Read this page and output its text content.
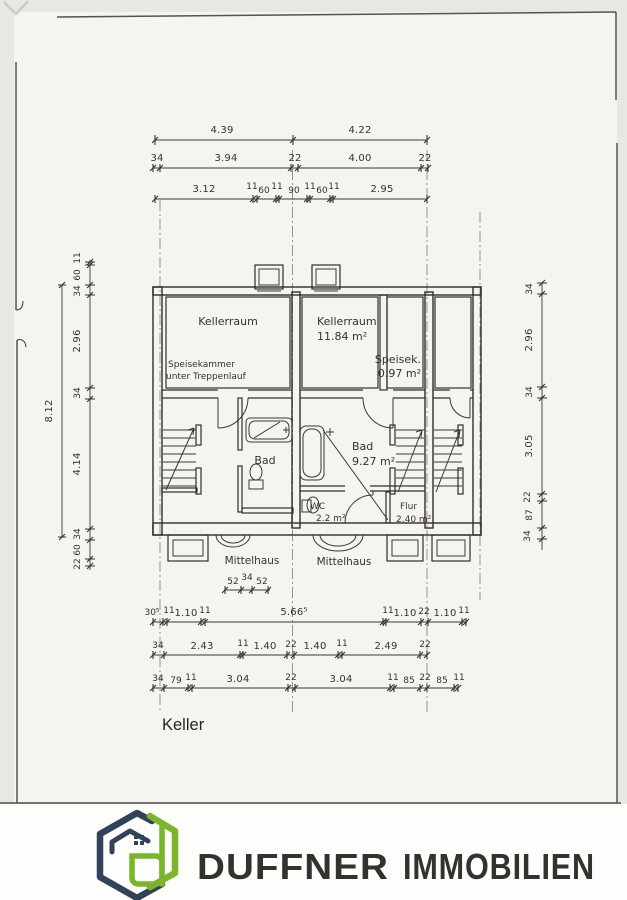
Kellerraum
Speisekammer
unter Treppenlauf
Kellerraum
11.84 m²
Speisek.
0.97 m²
Bad
Bad
9.27 m²
WC
2.2 m²
Flur
2.40 m²
Mittelhaus	Mittelhaus
4.39	4.22
34	3.94	22	4.00	22
3.12	11 60 11 90 11 60 11	2.95
8.12
11
60
34
2.96
34
4.14
34
60
22
34
2.96
34
3.05
22
87
34
52 34 52
30⁵ 11 1.10 11	5.66⁵	11 1.10 22 1.10 11
34	2.43	11 1.40 22 1.40 11	2.49 22
34 79 11	3.04	22	3.04	11 85 22 85 11
Keller
DUFFNER IMMOBILIEN
